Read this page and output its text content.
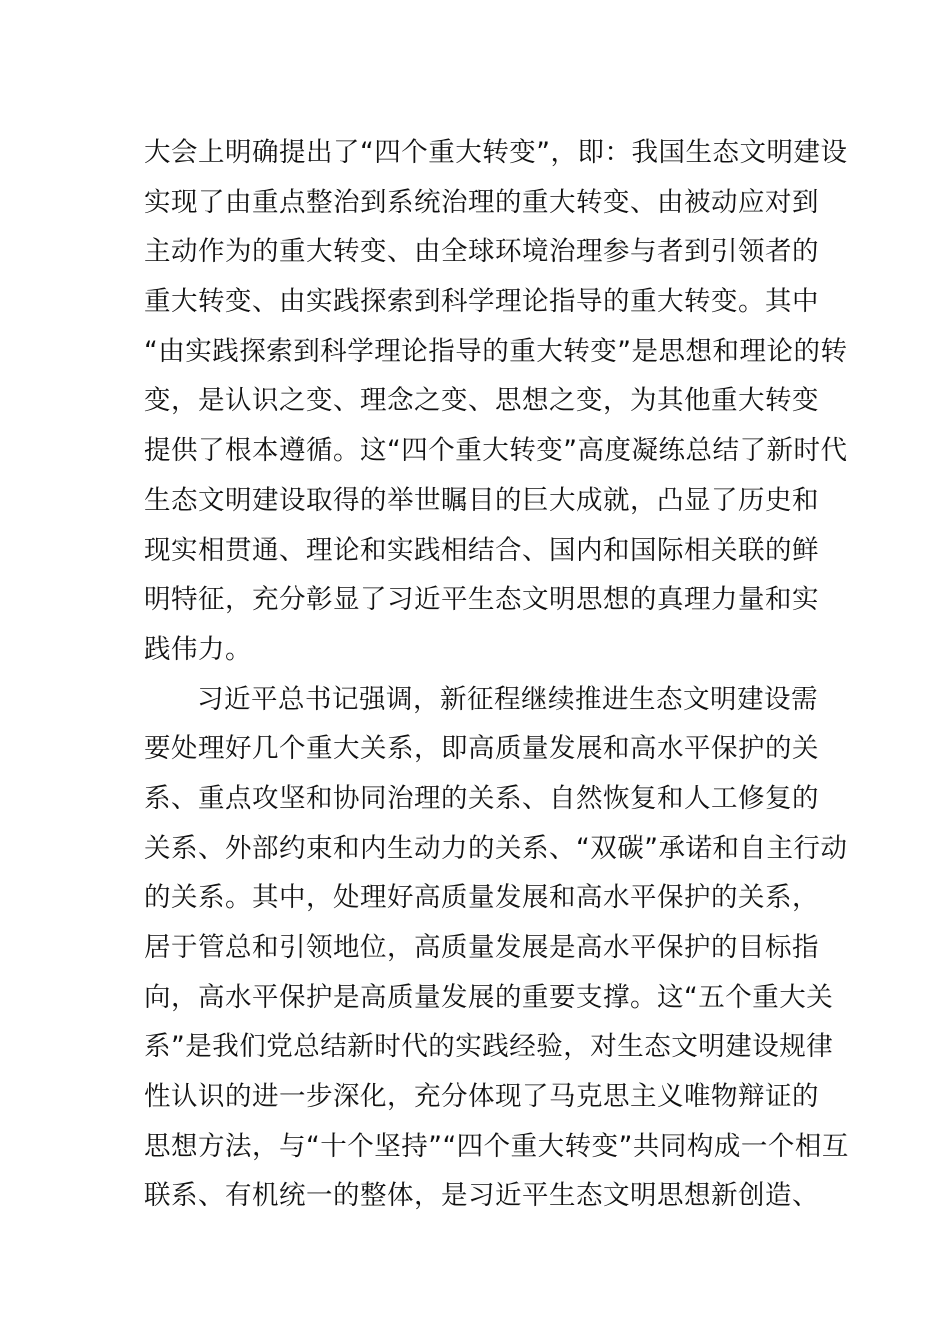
大会上明确提出了“四个重大转变”，即：我国生态文明建设
实现了由重点整治到系统治理的重大转变、由被动应对到
主动作为的重大转变、由全球环境治理参与者到引领者的
重大转变、由实践探索到科学理论指导的重大转变。其中
“由实践探索到科学理论指导的重大转变”是思想和理论的转
变，是认识之变、理念之变、思想之变，为其他重大转变
提供了根本遵循。这“四个重大转变”高度凝练总结了新时代
生态文明建设取得的举世瞩目的巨大成就，凸显了历史和
现实相贯通、理论和实践相结合、国内和国际相关联的鲜
明特征，充分彰显了习近平生态文明思想的真理力量和实
践伟力。
习近平总书记强调，新征程继续推进生态文明建设需
要处理好几个重大关系，即高质量发展和高水平保护的关
系、重点攻坚和协同治理的关系、自然恢复和人工修复的
关系、外部约束和内生动力的关系、“双碳”承诺和自主行动
的关系。其中，处理好高质量发展和高水平保护的关系，
居于管总和引领地位，高质量发展是高水平保护的目标指
向，高水平保护是高质量发展的重要支撑。这“五个重大关
系”是我们党总结新时代的实践经验，对生态文明建设规律
性认识的进一步深化，充分体现了马克思主义唯物辩证的
思想方法，与“十个坚持”“四个重大转变”共同构成一个相互
联系、有机统一的整体，是习近平生态文明思想新创造、
